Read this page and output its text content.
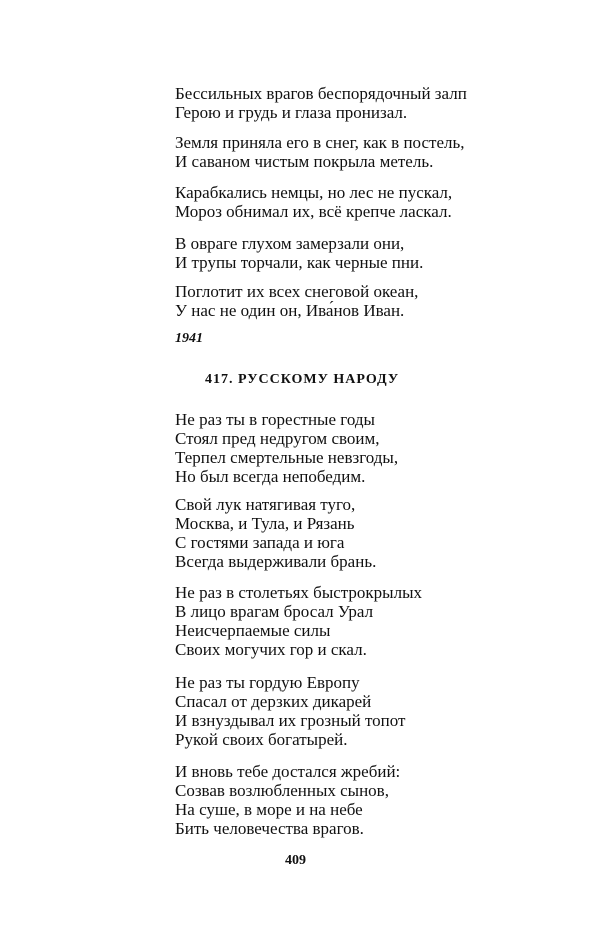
Бессильных врагов беспорядочный залп
Герою и грудь и глаза пронизал.
Земля приняла его в снег, как в постель,
И саваном чистым покрыла метель.
Карабкались немцы, но лес не пускал,
Мороз обнимал их, всё крепче ласкал.
В овраге глухом замерзали они,
И трупы торчали, как черные пни.
Поглотит их всех снеговой океан,
У нас не один он, Ива́нов Иван.
1941
417. РУССКОМУ НАРОДУ
Не раз ты в горестные годы
Стоял пред недругом своим,
Терпел смертельные невзгоды,
Но был всегда непобедим.
Свой лук натягивая туго,
Москва, и Тула, и Рязань
С гостями запада и юга
Всегда выдерживали брань.
Не раз в столетьях быстрокрылых
В лицо врагам бросал Урал
Неисчерпаемые силы
Своих могучих гор и скал.
Не раз ты гордую Европу
Спасал от дерзких дикарей
И взнуздывал их грозный топот
Рукой своих богатырей.
И вновь тебе достался жребий:
Созвав возлюбленных сынов,
На суше, в море и на небе
Бить человечества врагов.
409
